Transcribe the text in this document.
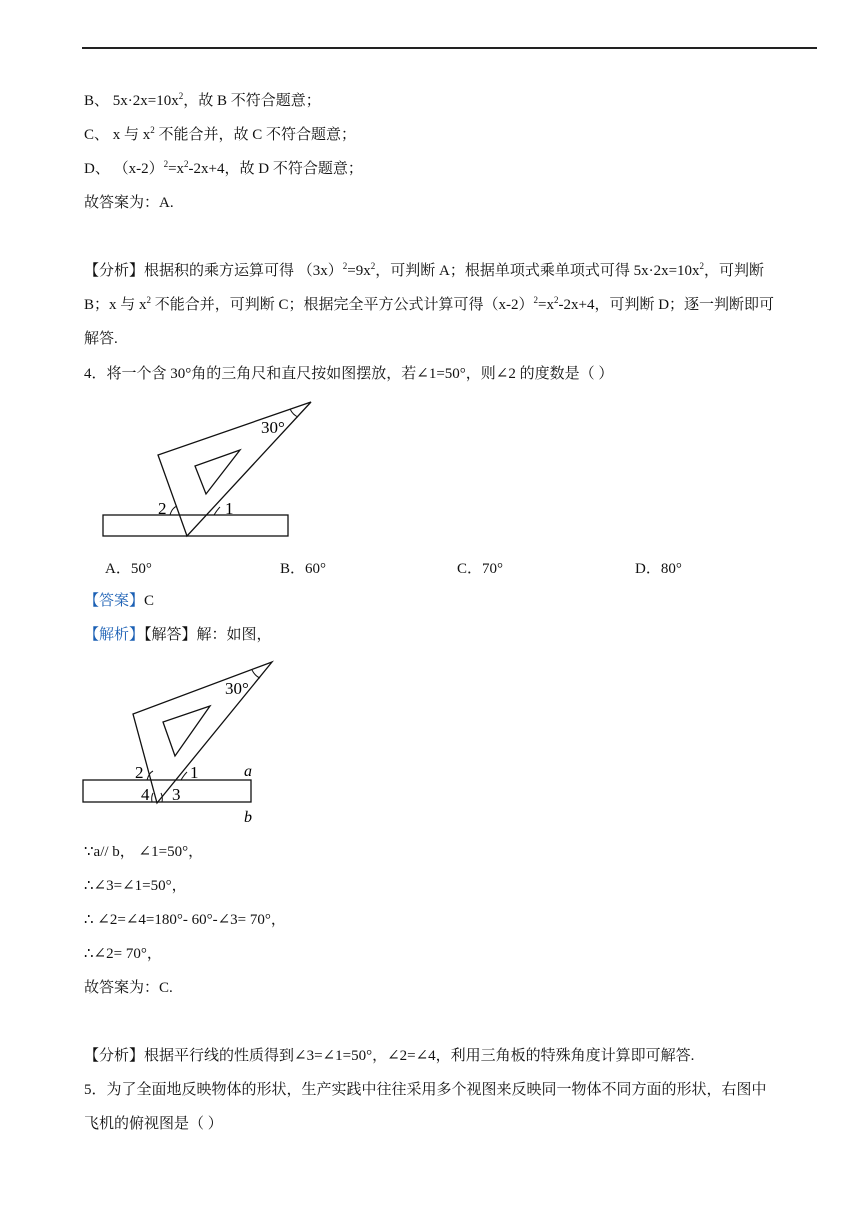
B、 $5x\cdot 2x=10x^2$，故 B 不符合题意；
C、 x 与 $x^2$ 不能合并，故 C 不符合题意；
D、 $(x-2)^2=x^2-2x+4$，故 D 不符合题意；
故答案为：A.
【分析】根据积的乘方运算可得 $(3x)^2=9x^2$，可判断 A；根据单项式乘单项式可得 $5x\cdot 2x=10x^2$，可判断
B；x 与 $x^2$ 不能合并，可判断 C；根据完全平方公式计算可得$(x-2)^2=x^2-2x+4$，可判断 D；逐一判断即可
解答.
4．将一个含 30°角的三角尺和直尺按如图摆放，若∠1=50°，则∠2 的度数是（ ）
30°
2	1
A．50°	B．60°	C．70°	D．80°
【答案】C
【解析】【解答】解：如图，
30°
2	1
4 3
a
b
∵a// b， ∠1=50°，
∴∠3=∠1=50°，
∴ ∠2=∠4=180°- 60°-∠3= 70°，
∴∠2= 70°，
故答案为：C.
【分析】根据平行线的性质得到∠3=∠1=50°，∠2=∠4，利用三角板的特殊角度计算即可解答.
5．为了全面地反映物体的形状，生产实践中往往采用多个视图来反映同一物体不同方面的形状，右图中
飞机的俯视图是（ ）
